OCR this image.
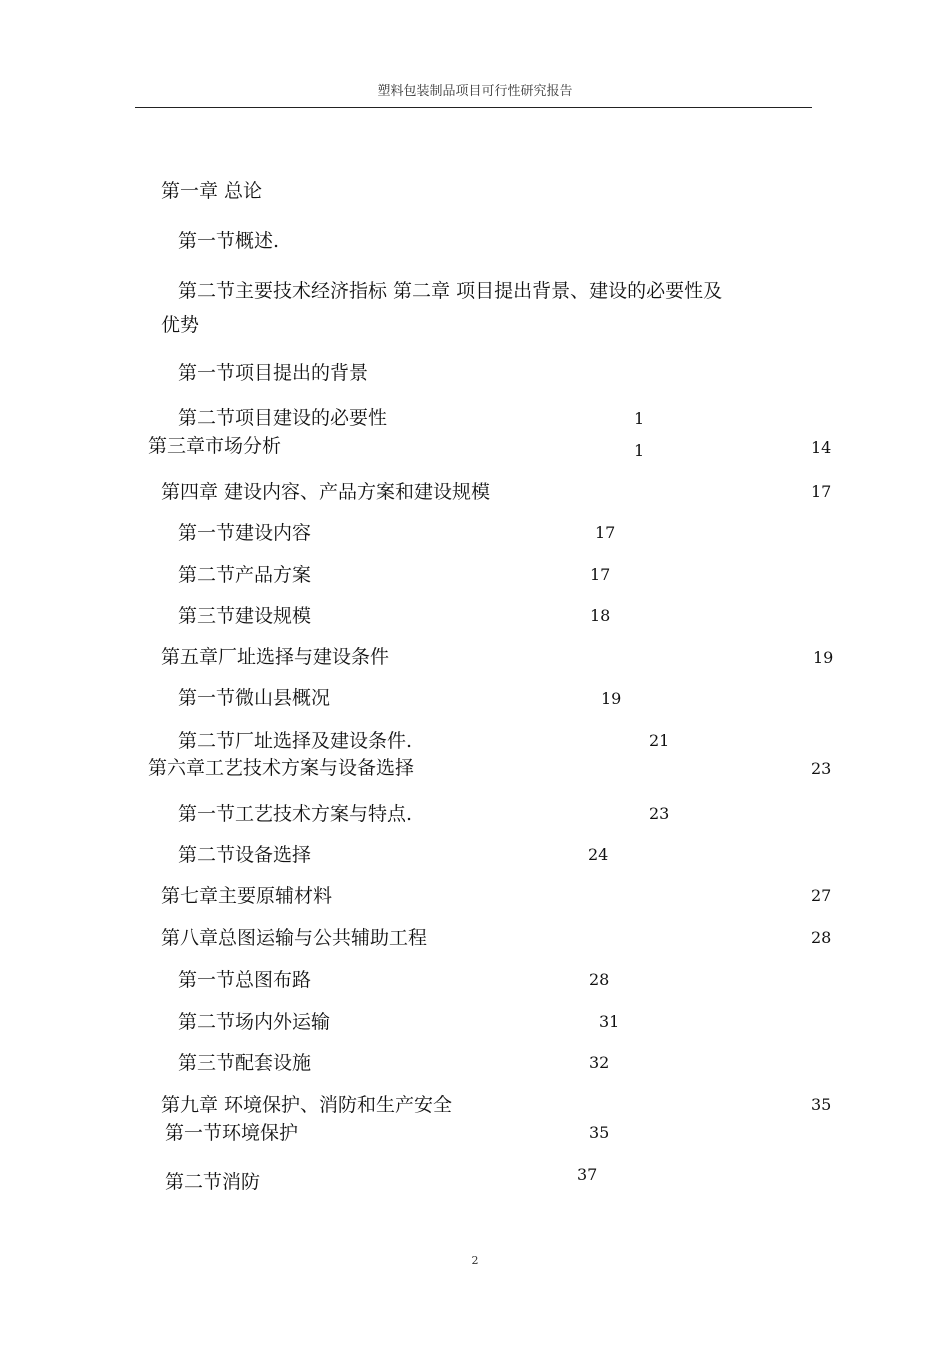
塑料包装制品项目可行性研究报告
第一章 总论
第一节概述.
第二节主要技术经济指标 第二章 项目提出背景、建设的必要性及
优势
第一节项目提出的背景
第二节项目建设的必要性	1
第三章市场分析	1	14
第四章 建设内容、产品方案和建设规模	17
第一节建设内容	17
第二节产品方案	17
第三节建设规模	18
第五章厂址选择与建设条件	19
第一节微山县概况	19
第二节厂址选择及建设条件.	21
第六章工艺技术方案与设备选择	23
第一节工艺技术方案与特点.	23
第二节设备选择	24
第七章主要原辅材料	27
第八章总图运输与公共辅助工程	28
第一节总图布路	28
第二节场内外运输	31
第三节配套设施	32
第九章 环境保护、消防和生产安全	35
第一节环境保护	35
第二节消防	37
2
